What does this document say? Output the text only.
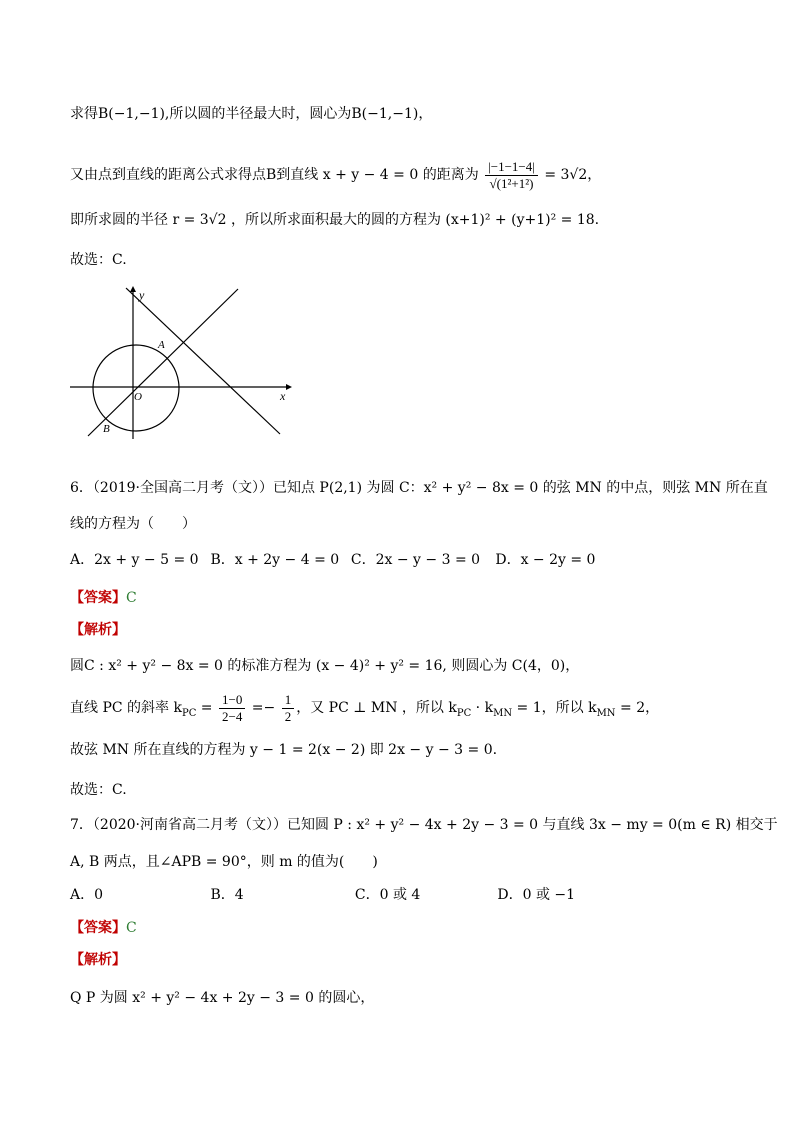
求得B(−1,−1),所以圆的半径最大时，圆心为B(−1,−1)，
又由点到直线的距离公式求得点B到直线 x + y − 4 = 0 的距离为 $\frac{|-1-1-4|}{\text{√(1²+1²)}} = 3√2$，
即所求圆的半径 r = 3√2 ，所以所求面积最大的圆的方程为 (x+1)² + (y+1)² = 18.
故选：C.
y
x
O
A
B
6．（2019·全国高二月考（文））已知点 P(2,1) 为圆 C：x² + y² − 8x = 0 的弦 MN 的中点，则弦 MN 所在直
线的方程为（　　）
A．2x + y − 5 = 0 B．x + 2y − 4 = 0 C．2x − y − 3 = 0 D．x − 2y = 0
【答案】C
【解析】
圆C : x² + y² − 8x = 0 的标准方程为 (x − 4)² + y² = 16, 则圆心为 C(4，0)，
直线 PC 的斜率 $k_{PC} = \frac{1-0}{2-4} =- \frac{1}{2}$ ，又 PC ⊥ MN ，所以 $k_{PC} \cdot k_{MN} = 1$，所以 $k_{MN} = 2$，
故弦 MN 所在直线的方程为 y − 1 = 2(x − 2) 即 2x − y − 3 = 0.
故选：C.
7．（2020·河南省高二月考（文））已知圆 P : x² + y² − 4x + 2y − 3 = 0 与直线 3x − my = 0(m ∈ R) 相交于
A, B 两点，且∠APB = 90°，则 m 的值为(　　)
A．0	B．4	C．0 或 4	D．0 或 −1
【答案】C
【解析】
Q P 为圆 x² + y² − 4x + 2y − 3 = 0 的圆心，
